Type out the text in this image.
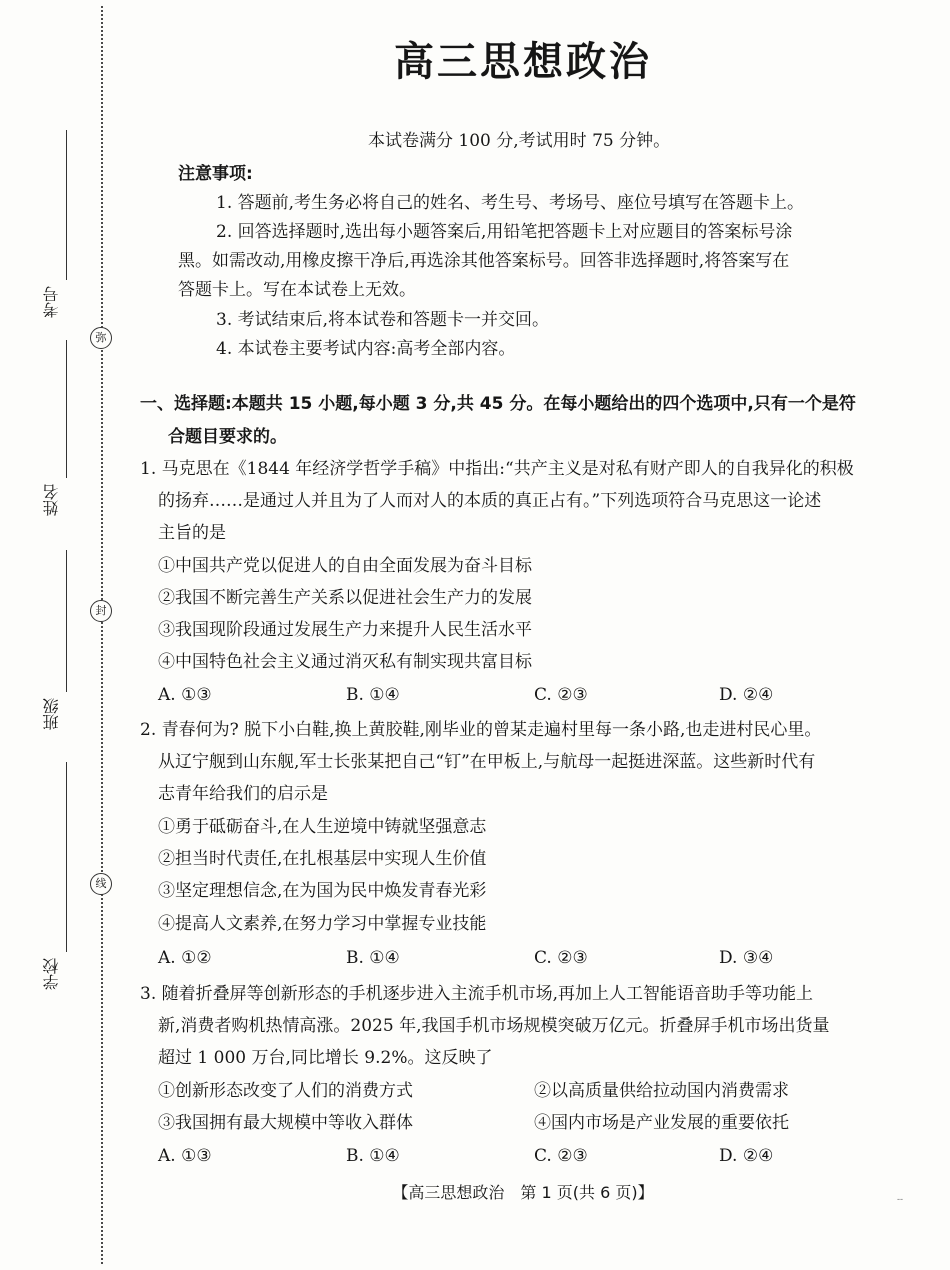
弥
封
线
考号
姓名
班级
学校
高三思想政治
本试卷满分 100 分,考试用时 75 分钟。
注意事项:
1. 答题前,考生务必将自己的姓名、考生号、考场号、座位号填写在答题卡上。
2. 回答选择题时,选出每小题答案后,用铅笔把答题卡上对应题目的答案标号涂
黑。如需改动,用橡皮擦干净后,再选涂其他答案标号。回答非选择题时,将答案写在
答题卡上。写在本试卷上无效。
3. 考试结束后,将本试卷和答题卡一并交回。
4. 本试卷主要考试内容:高考全部内容。
一、选择题:本题共 15 小题,每小题 3 分,共 45 分。在每小题给出的四个选项中,只有一个是符
合题目要求的。
1. 马克思在《1844 年经济学哲学手稿》中指出:“共产主义是对私有财产即人的自我异化的积极
的扬弃……是通过人并且为了人而对人的本质的真正占有。”下列选项符合马克思这一论述
主旨的是
①中国共产党以促进人的自由全面发展为奋斗目标
②我国不断完善生产关系以促进社会生产力的发展
③我国现阶段通过发展生产力来提升人民生活水平
④中国特色社会主义通过消灭私有制实现共富目标
A. ①③	B. ①④	C. ②③	D. ②④
2. 青春何为? 脱下小白鞋,换上黄胶鞋,刚毕业的曾某走遍村里每一条小路,也走进村民心里。
从辽宁舰到山东舰,军士长张某把自己“钉”在甲板上,与航母一起挺进深蓝。这些新时代有
志青年给我们的启示是
①勇于砥砺奋斗,在人生逆境中铸就坚强意志
②担当时代责任,在扎根基层中实现人生价值
③坚定理想信念,在为国为民中焕发青春光彩
④提高人文素养,在努力学习中掌握专业技能
A. ①②	B. ①④	C. ②③	D. ③④
3. 随着折叠屏等创新形态的手机逐步进入主流手机市场,再加上人工智能语音助手等功能上
新,消费者购机热情高涨。2025 年,我国手机市场规模突破万亿元。折叠屏手机市场出货量
超过 1 000 万台,同比增长 9.2%。这反映了
①创新形态改变了人们的消费方式	②以高质量供给拉动国内消费需求
③我国拥有最大规模中等收入群体	④国内市场是产业发展的重要依托
A. ①③	B. ①④	C. ②③	D. ②④
【高三思想政治　第 1 页(共 6 页)】	--
